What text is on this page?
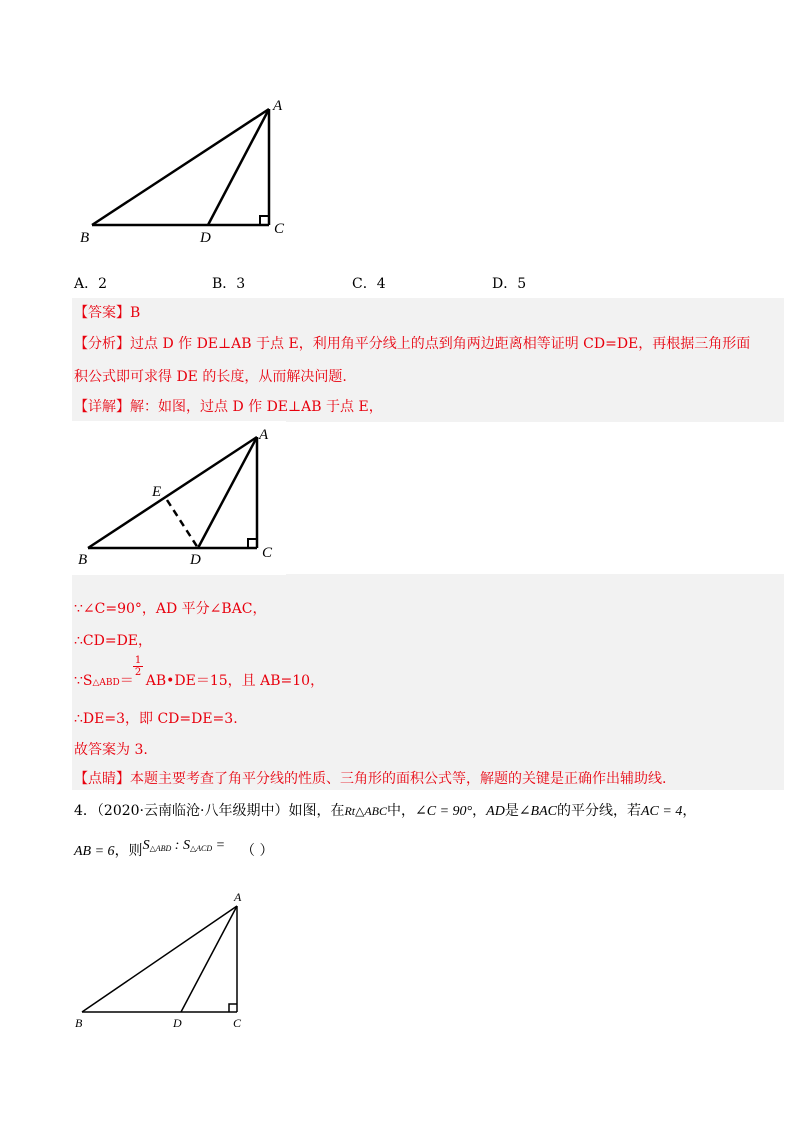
A
B	D
C
A．2	B．3	C．4	D．5
【答案】B
【分析】过点 D 作 DE⊥AB 于点 E，利用角平分线上的点到角两边距离相等证明 CD=DE，再根据三角形面
积公式即可求得 DE 的长度，从而解决问题.
【详解】解：如图，过点 D 作 DE⊥AB 于点 E，
A
E
B	D	C
∵∠C=90°，AD 平分∠BAC，
∴CD=DE，
∵S△ABD＝ AB•DE＝15，且 AB=10，
$\frac{1}{2}$
∴DE=3，即 CD=DE=3.
故答案为 3.
【点睛】本题主要考查了角平分线的性质、三角形的面积公式等，解题的关键是正确作出辅助线.
4．（2020·云南临沧·八年级期中）如图，在Rt△ABC中，∠C = 90°，AD是∠BAC的平分线，若AC = 4，
AB = 6，则$S^{\triangle ABD}$ : $S^{\triangle ACD}$ = （ ）
A
B	D	C
